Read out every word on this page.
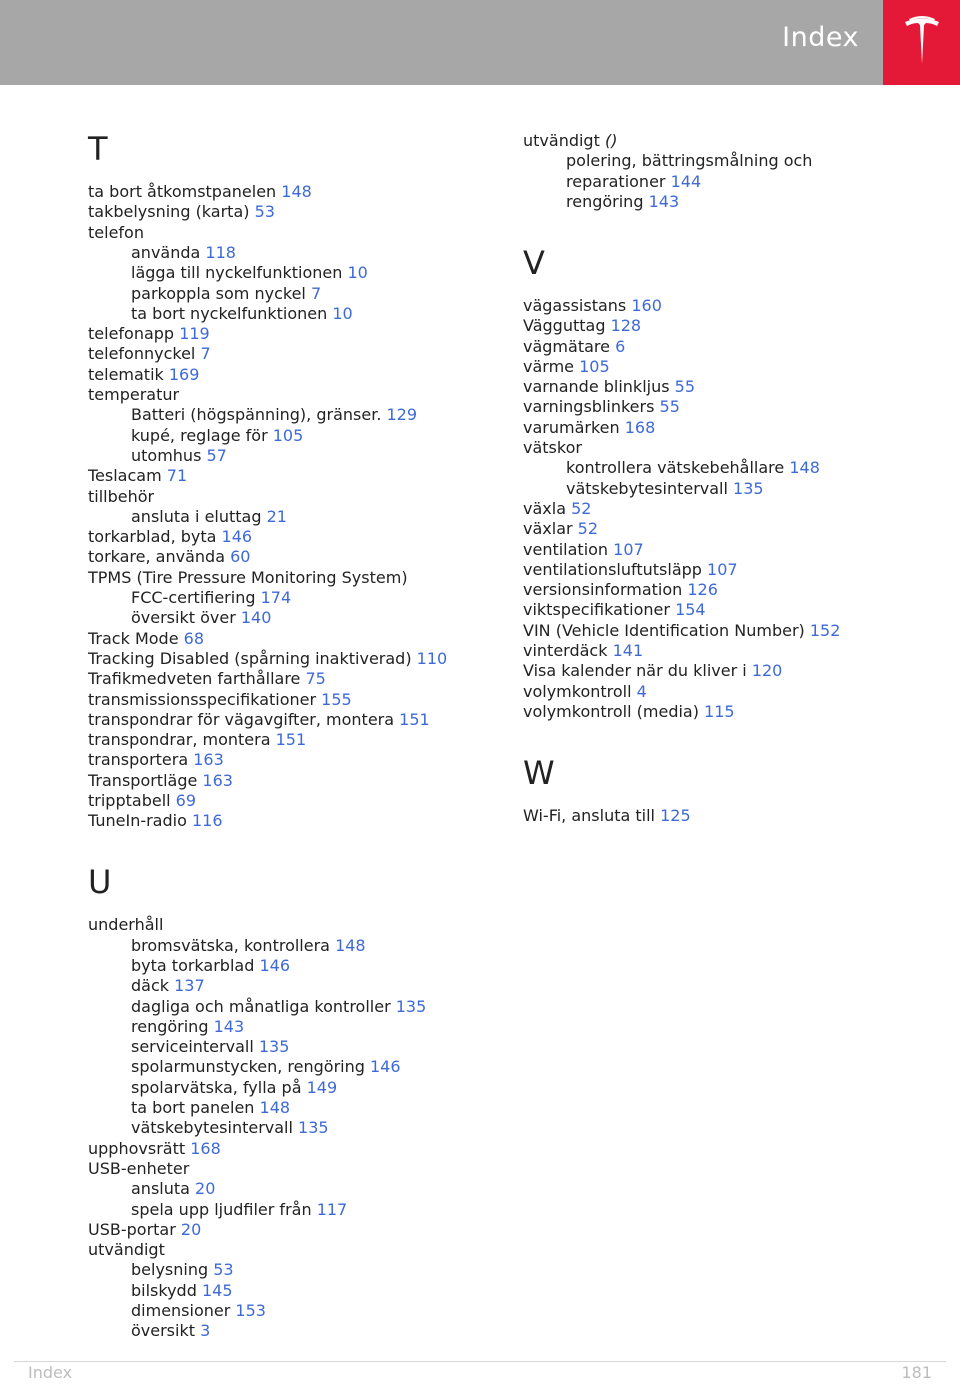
Index
T
ta bort åtkomstpanelen 148
takbelysning (karta) 53
telefon
använda 118
lägga till nyckelfunktionen 10
parkoppla som nyckel 7
ta bort nyckelfunktionen 10
telefonapp 119
telefonnyckel 7
telematik 169
temperatur
Batteri (högspänning), gränser. 129
kupé, reglage för 105
utomhus 57
Teslacam 71
tillbehör
ansluta i eluttag 21
torkarblad, byta 146
torkare, använda 60
TPMS (Tire Pressure Monitoring System)
FCC-certifiering 174
översikt över 140
Track Mode 68
Tracking Disabled (spårning inaktiverad) 110
Trafikmedveten farthållare 75
transmissionsspecifikationer 155
transpondrar för vägavgifter, montera 151
transpondrar, montera 151
transportera 163
Transportläge 163
tripptabell 69
TuneIn-radio 116
U
underhåll
bromsvätska, kontrollera 148
byta torkarblad 146
däck 137
dagliga och månatliga kontroller 135
rengöring 143
serviceintervall 135
spolarmunstycken, rengöring 146
spolarvätska, fylla på 149
ta bort panelen 148
vätskebytesintervall 135
upphovsrätt 168
USB-enheter
ansluta 20
spela upp ljudfiler från 117
USB-portar 20
utvändigt
belysning 53
bilskydd 145
dimensioner 153
översikt 3
utvändigt ()
polering, bättringsmålning och
reparationer 144
rengöring 143
V
vägassistans 160
Vägguttag 128
vägmätare 6
värme 105
varnande blinkljus 55
varningsblinkers 55
varumärken 168
vätskor
kontrollera vätskebehållare 148
vätskebytesintervall 135
växla 52
växlar 52
ventilation 107
ventilationsluftutsläpp 107
versionsinformation 126
viktspecifikationer 154
VIN (Vehicle Identification Number) 152
vinterdäck 141
Visa kalender när du kliver i 120
volymkontroll 4
volymkontroll (media) 115
W
Wi-Fi, ansluta till 125
Index	181
